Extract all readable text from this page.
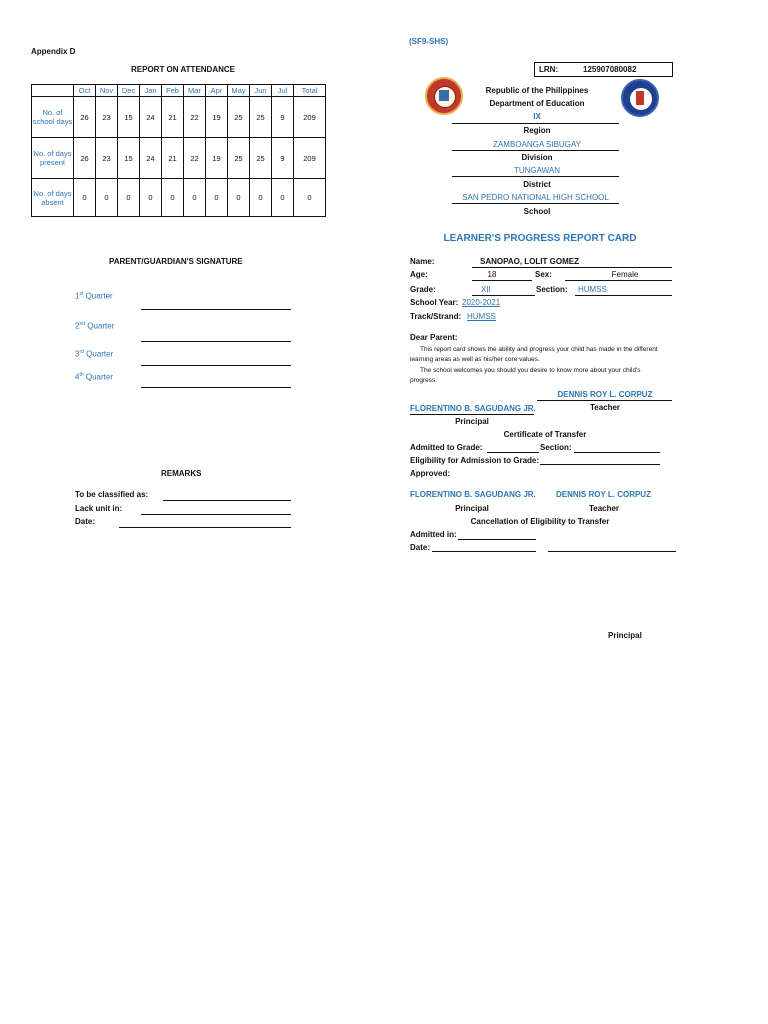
Appendix D
REPORT ON ATTENDANCE
	Oct	Nov	Dec	Jan	Feb	Mar	Apr	May	Jun	Jul	Total
No. of school days	26	23	15	24	21	22	19	25	25	9	209
No. of days present	26	23	15	24	21	22	19	25	25	9	209
No. of days absent	0	0	0	0	0	0	0	0	0	0	0
PARENT/GUARDIAN'S SIGNATURE
1st Quarter
2nd Quarter
3rd Quarter
4th Quarter
REMARKS
To be classified as:
Lack unit in:
Date:
(SF9-SHS)
LRN:	125907080082
Republic of the Philippines
Department of Education
IX
Region
ZAMBOANGA SIBUGAY
Division
TUNGAWAN
District
SAN PEDRO NATIONAL HIGH SCHOOL
School
LEARNER'S PROGRESS REPORT CARD
Name:	SANOPAO, LOLIT GOMEZ
Age:	18	Sex:	Female
Grade:	XII	Section: HUMSS
School Year: 2020-2021
Track/Strand: HUMSS
Dear Parent:
This report card shows the ability and progress your child has made in the different learning areas as well as his/her core values.
The school welcomes you should you desire to know more about your child's progress.
DENNIS ROY L. CORPUZ
Teacher
FLORENTINO B. SAGUDANG JR.
Principal
Certificate of Transfer
Admitted to Grade:	Section:
Eligibility for Admission to Grade:
Approved:
FLORENTINO B. SAGUDANG JR.	DENNIS ROY L. CORPUZ
Principal	Teacher
Cancellation of Eligibility to Transfer
Admitted in:
Date:
Principal
